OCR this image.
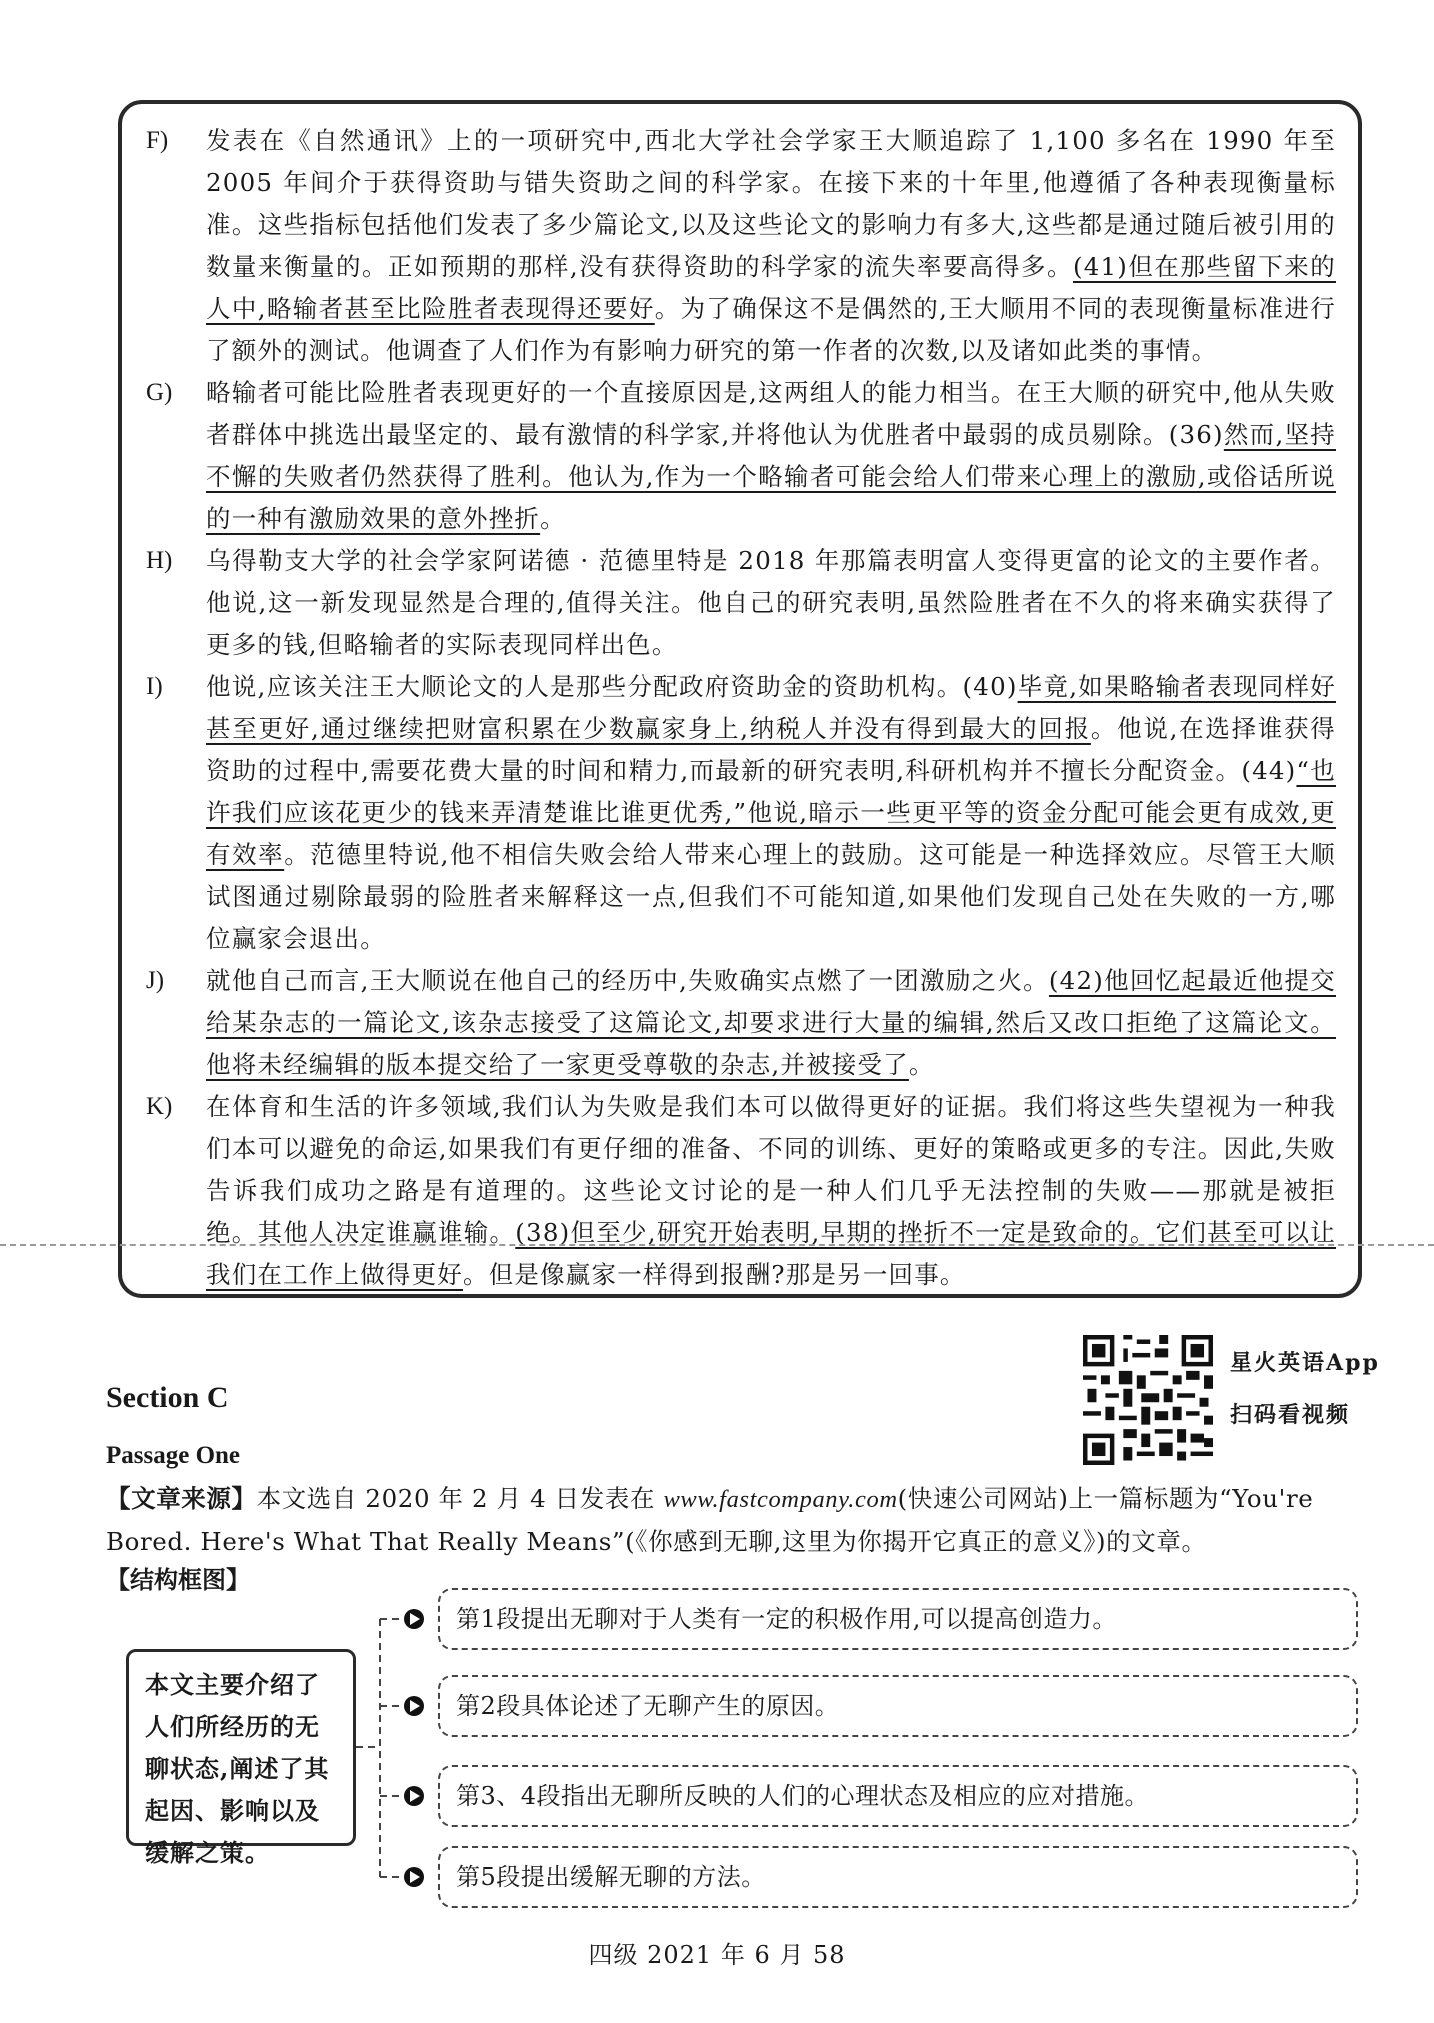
F)	发表在《自然通讯》上的一项研究中,西北大学社会学家王大顺追踪了 1,100 多名在 1990 年至2005 年间介于获得资助与错失资助之间的科学家。在接下来的十年里,他遵循了各种表现衡量标准。这些指标包括他们发表了多少篇论文,以及这些论文的影响力有多大,这些都是通过随后被引用的数量来衡量的。正如预期的那样,没有获得资助的科学家的流失率要高得多。(41)但在那些留下来的人中,略输者甚至比险胜者表现得还要好。为了确保这不是偶然的,王大顺用不同的表现衡量标准进行了额外的测试。他调查了人们作为有影响力研究的第一作者的次数,以及诸如此类的事情。
G)	略输者可能比险胜者表现更好的一个直接原因是,这两组人的能力相当。在王大顺的研究中,他从失败者群体中挑选出最坚定的、最有激情的科学家,并将他认为优胜者中最弱的成员剔除。(36)然而,坚持不懈的失败者仍然获得了胜利。他认为,作为一个略输者可能会给人们带来心理上的激励,或俗话所说的一种有激励效果的意外挫折。
H)	乌得勒支大学的社会学家阿诺德 · 范德里特是 2018 年那篇表明富人变得更富的论文的主要作者。他说,这一新发现显然是合理的,值得关注。他自己的研究表明,虽然险胜者在不久的将来确实获得了更多的钱,但略输者的实际表现同样出色。
I)	他说,应该关注王大顺论文的人是那些分配政府资助金的资助机构。(40)毕竟,如果略输者表现同样好甚至更好,通过继续把财富积累在少数赢家身上,纳税人并没有得到最大的回报。他说,在选择谁获得资助的过程中,需要花费大量的时间和精力,而最新的研究表明,科研机构并不擅长分配资金。(44)“也许我们应该花更少的钱来弄清楚谁比谁更优秀,”他说,暗示一些更平等的资金分配可能会更有成效,更有效率。范德里特说,他不相信失败会给人带来心理上的鼓励。这可能是一种选择效应。尽管王大顺试图通过剔除最弱的险胜者来解释这一点,但我们不可能知道,如果他们发现自己处在失败的一方,哪位赢家会退出。
J)	就他自己而言,王大顺说在他自己的经历中,失败确实点燃了一团激励之火。(42)他回忆起最近他提交给某杂志的一篇论文,该杂志接受了这篇论文,却要求进行大量的编辑,然后又改口拒绝了这篇论文。他将未经编辑的版本提交给了一家更受尊敬的杂志,并被接受了。
K)	在体育和生活的许多领域,我们认为失败是我们本可以做得更好的证据。我们将这些失望视为一种我们本可以避免的命运,如果我们有更仔细的准备、不同的训练、更好的策略或更多的专注。因此,失败告诉我们成功之路是有道理的。这些论文讨论的是一种人们几乎无法控制的失败——那就是被拒绝。其他人决定谁赢谁输。(38)但至少,研究开始表明,早期的挫折不一定是致命的。它们甚至可以让我们在工作上做得更好。但是像赢家一样得到报酬?那是另一回事。
Section C
Passage One
星火英语App
扫码看视频
【文章来源】本文选自 2020 年 2 月 4 日发表在 www.fastcompany.com(快速公司网站)上一篇标题为“You're Bored. Here's What That Really Means”(《你感到无聊,这里为你揭开它真正的意义》)的文章。
【结构框图】
本文主要介绍了人们所经历的无聊状态,阐述了其起因、影响以及缓解之策。
第1段提出无聊对于人类有一定的积极作用,可以提高创造力。
第2段具体论述了无聊产生的原因。
第3、4段指出无聊所反映的人们的心理状态及相应的应对措施。
第5段提出缓解无聊的方法。
四级 2021 年 6 月 58
